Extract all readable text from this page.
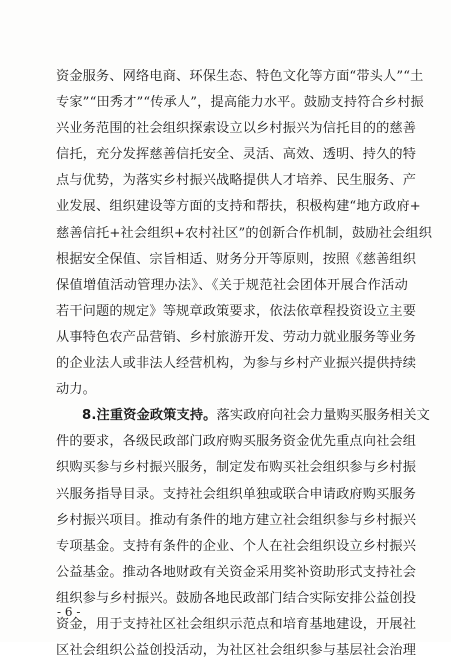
资金服务、网络电商、环保生态、特色文化等方面“带头人”“土
专家”“田秀才”“传承人”，提高能力水平。鼓励支持符合乡村振
兴业务范围的社会组织探索设立以乡村振兴为信托目的的慈善
信托，充分发挥慈善信托安全、灵活、高效、透明、持久的特
点与优势，为落实乡村振兴战略提供人才培养、民生服务、产
业发展、组织建设等方面的支持和帮扶，积极构建“地方政府+
慈善信托+社会组织+农村社区”的创新合作机制，鼓励社会组织
根据安全保值、宗旨相适、财务分开等原则，按照《慈善组织
保值增值活动管理办法》、《关于规范社会团体开展合作活动
若干问题的规定》等规章政策要求，依法依章程投资设立主要
从事特色农产品营销、乡村旅游开发、劳动力就业服务等业务
的企业法人或非法人经营机构，为参与乡村产业振兴提供持续
动力。
8.注重资金政策支持。落实政府向社会力量购买服务相关文
件的要求，各级民政部门政府购买服务资金优先重点向社会组
织购买参与乡村振兴服务，制定发布购买社会组织参与乡村振
兴服务指导目录。支持社会组织单独或联合申请政府购买服务
乡村振兴项目。推动有条件的地方建立社会组织参与乡村振兴
专项基金。支持有条件的企业、个人在社会组织设立乡村振兴
公益基金。推动各地财政有关资金采用奖补资助形式支持社会
组织参与乡村振兴。鼓励各地民政部门结合实际安排公益创投
资金，用于支持社区社会组织示范点和培育基地建设，开展社
区社会组织公益创投活动，为社区社会组织参与基层社会治理
- 6 -
